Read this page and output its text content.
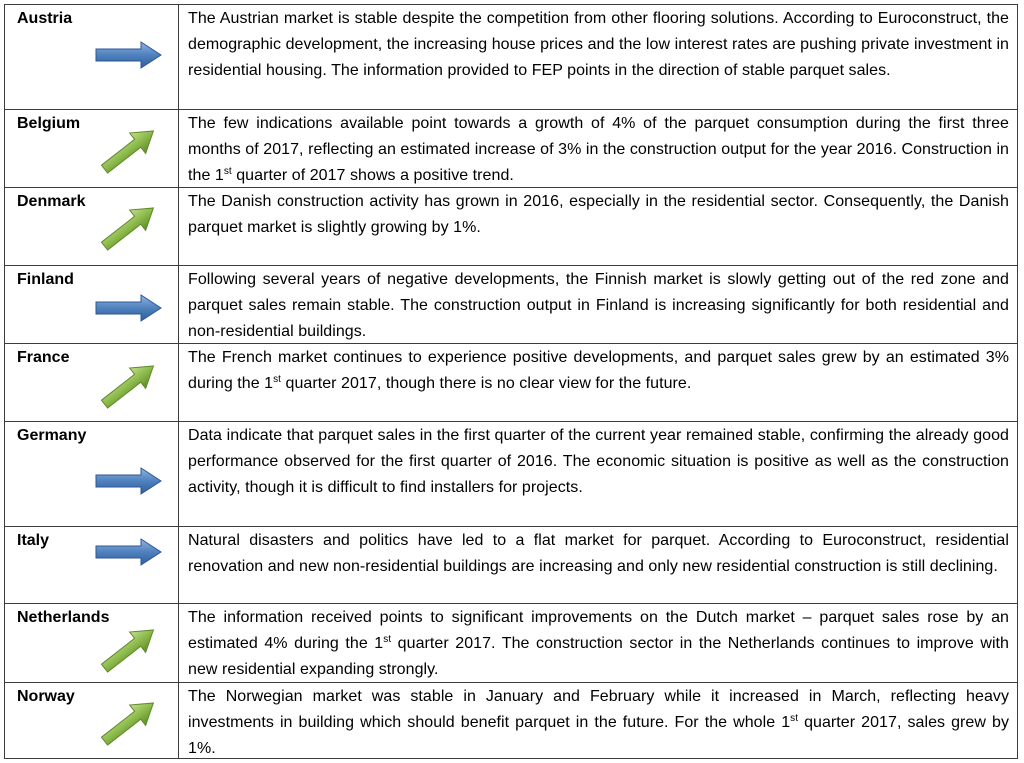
Austria	The Austrian market is stable despite the competition from other flooring solutions. According to Euroconstruct, the demographic development, the increasing house prices and the low interest rates are pushing private investment in residential housing. The information provided to FEP points in the direction of stable parquet sales.
Belgium	The few indications available point towards a growth of 4% of the parquet consumption during the first three months of 2017, reflecting an estimated increase of 3% in the construction output for the year 2016. Construction in the 1st quarter of 2017 shows a positive trend.
Denmark	The Danish construction activity has grown in 2016, especially in the residential sector. Consequently, the Danish parquet market is slightly growing by 1%.
Finland	Following several years of negative developments, the Finnish market is slowly getting out of the red zone and parquet sales remain stable. The construction output in Finland is increasing significantly for both residential and non-residential buildings.
France	The French market continues to experience positive developments, and parquet sales grew by an estimated 3% during the 1st quarter 2017, though there is no clear view for the future.
Germany	Data indicate that parquet sales in the first quarter of the current year remained stable, confirming the already good performance observed for the first quarter of 2016. The economic situation is positive as well as the construction activity, though it is difficult to find installers for projects.
Italy	Natural disasters and politics have led to a flat market for parquet. According to Euroconstruct, residential renovation and new non-residential buildings are increasing and only new residential construction is still declining.
Netherlands	The information received points to significant improvements on the Dutch market – parquet sales rose by an estimated 4% during the 1st quarter 2017. The construction sector in the Netherlands continues to improve with new residential expanding strongly.
Norway	The Norwegian market was stable in January and February while it increased in March, reflecting heavy investments in building which should benefit parquet in the future. For the whole 1st quarter 2017, sales grew by 1%.
